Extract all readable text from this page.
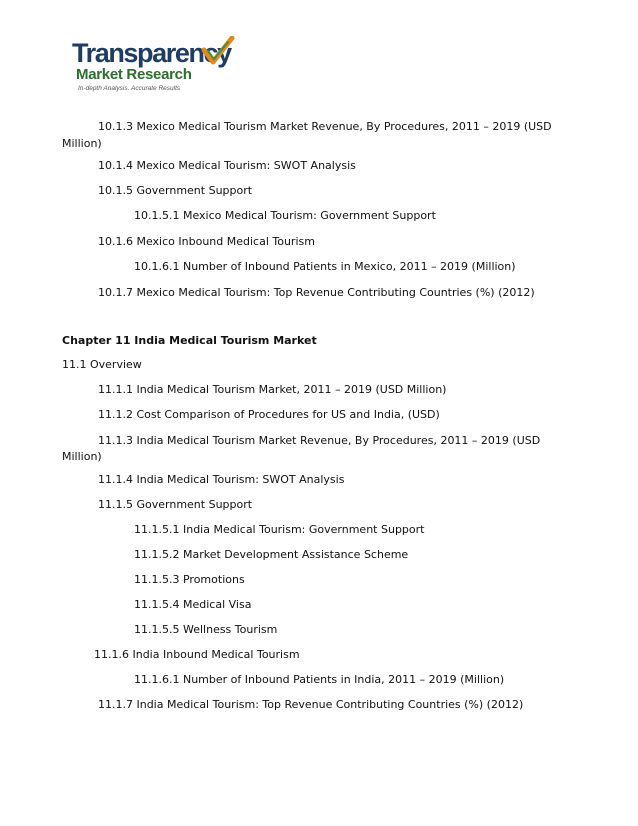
Transparency
Market Research
In-depth Analysis. Accurate Results
10.1.3 Mexico Medical Tourism Market Revenue, By Procedures, 2011 – 2019 (USD
Million)
10.1.4 Mexico Medical Tourism: SWOT Analysis
10.1.5 Government Support
10.1.5.1 Mexico Medical Tourism: Government Support
10.1.6 Mexico Inbound Medical Tourism
10.1.6.1 Number of Inbound Patients in Mexico, 2011 – 2019 (Million)
10.1.7 Mexico Medical Tourism: Top Revenue Contributing Countries (%) (2012)
Chapter 11 India Medical Tourism Market
11.1 Overview
11.1.1 India Medical Tourism Market, 2011 – 2019 (USD Million)
11.1.2 Cost Comparison of Procedures for US and India, (USD)
11.1.3 India Medical Tourism Market Revenue, By Procedures, 2011 – 2019 (USD
Million)
11.1.4 India Medical Tourism: SWOT Analysis
11.1.5 Government Support
11.1.5.1 India Medical Tourism: Government Support
11.1.5.2 Market Development Assistance Scheme
11.1.5.3 Promotions
11.1.5.4 Medical Visa
11.1.5.5 Wellness Tourism
11.1.6 India Inbound Medical Tourism
11.1.6.1 Number of Inbound Patients in India, 2011 – 2019 (Million)
11.1.7 India Medical Tourism: Top Revenue Contributing Countries (%) (2012)
